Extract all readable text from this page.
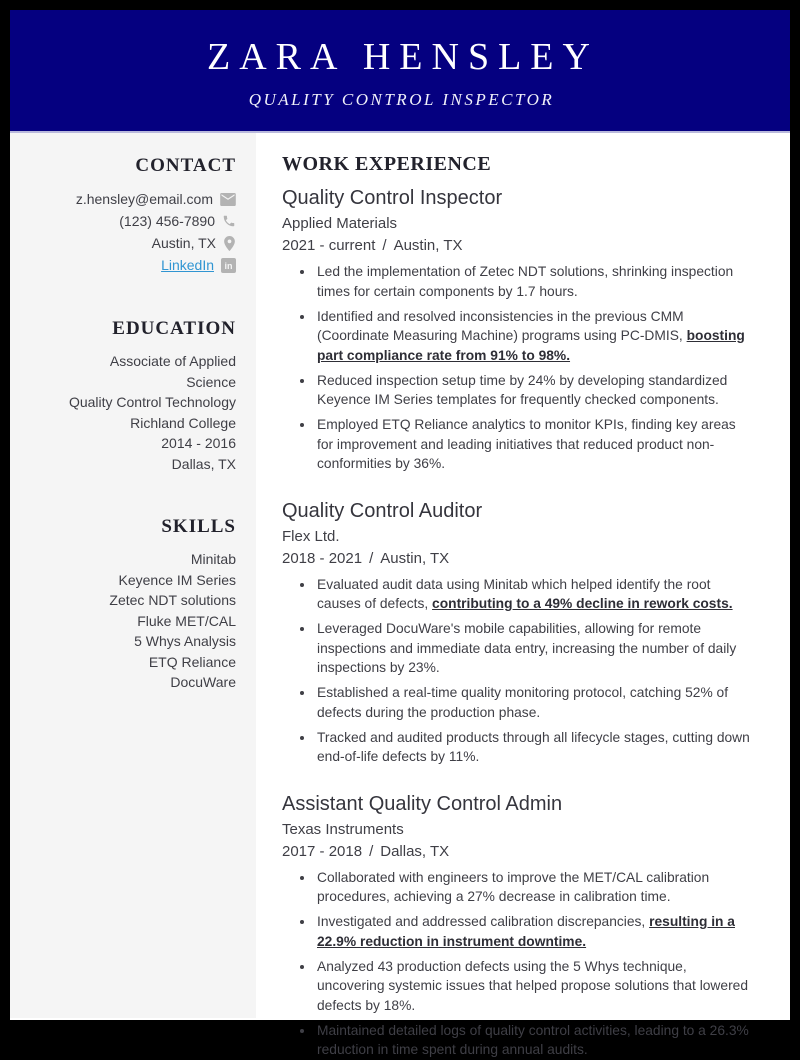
ZARA HENSLEY
QUALITY CONTROL INSPECTOR
CONTACT
z.hensley@email.com
(123) 456-7890
Austin, TX
LinkedIn in
EDUCATION
Associate of Applied Science
Quality Control Technology
Richland College
2014 - 2016
Dallas, TX
SKILLS
Minitab
Keyence IM Series
Zetec NDT solutions
Fluke MET/CAL
5 Whys Analysis
ETQ Reliance
DocuWare
WORK EXPERIENCE
Quality Control Inspector
Applied Materials
2021 - current / Austin, TX
• Led the implementation of Zetec NDT solutions, shrinking inspection times for certain components by 1.7 hours.
• Identified and resolved inconsistencies in the previous CMM (Coordinate Measuring Machine) programs using PC-DMIS, boosting part compliance rate from 91% to 98%.
• Reduced inspection setup time by 24% by developing standardized Keyence IM Series templates for frequently checked components.
• Employed ETQ Reliance analytics to monitor KPIs, finding key areas for improvement and leading initiatives that reduced product non-conformities by 36%.
Quality Control Auditor
Flex Ltd.
2018 - 2021 / Austin, TX
• Evaluated audit data using Minitab which helped identify the root causes of defects, contributing to a 49% decline in rework costs.
• Leveraged DocuWare's mobile capabilities, allowing for remote inspections and immediate data entry, increasing the number of daily inspections by 23%.
• Established a real-time quality monitoring protocol, catching 52% of defects during the production phase.
• Tracked and audited products through all lifecycle stages, cutting down end-of-life defects by 11%.
Assistant Quality Control Admin
Texas Instruments
2017 - 2018 / Dallas, TX
• Collaborated with engineers to improve the MET/CAL calibration procedures, achieving a 27% decrease in calibration time.
• Investigated and addressed calibration discrepancies, resulting in a 22.9% reduction in instrument downtime.
• Analyzed 43 production defects using the 5 Whys technique, uncovering systemic issues that helped propose solutions that lowered defects by 18%.
• Maintained detailed logs of quality control activities, leading to a 26.3% reduction in time spent during annual audits.
